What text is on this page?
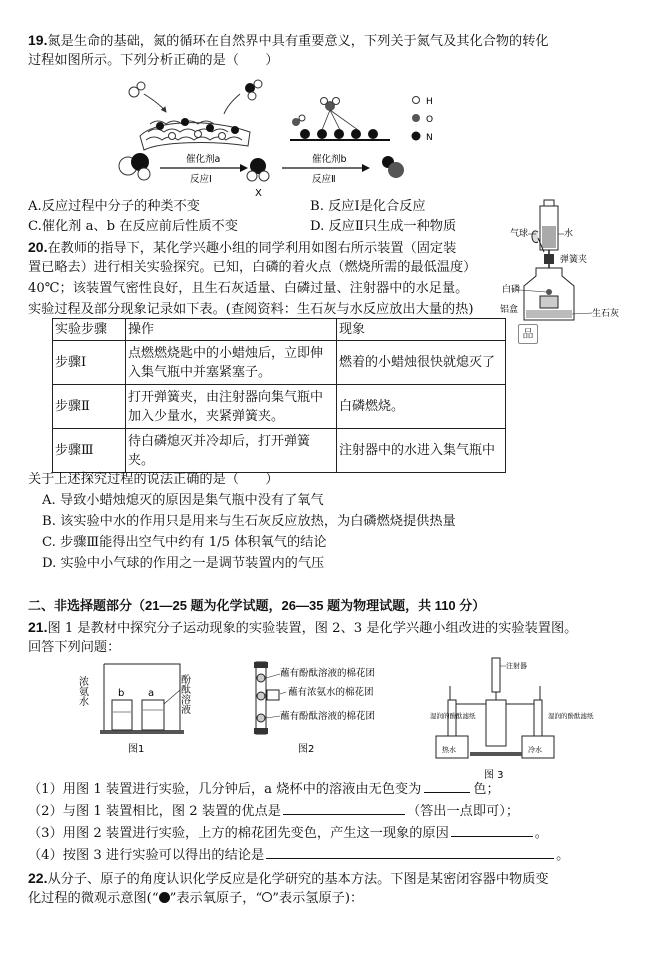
19.氮是生命的基础，氮的循环在自然界中具有重要意义，下列关于氮气及其化合物的转化
过程如图所示。下列分析正确的是（　　）
H
O
N
催化剂a
反应Ⅰ
X
催化剂b
反应Ⅱ
A.反应过程中分子的种类不变	B. 反应Ⅰ是化合反应
C.催化剂 a、b 在反应前后性质不变	D. 反应Ⅱ只生成一种物质
20.在教师的指导下，某化学兴趣小组的同学利用如图右所示装置（固定装
置已略去）进行相关实验探究。已知，白磷的着火点（燃烧所需的最低温度）
40℃；该装置气密性良好，且生石灰适量、白磷过量、注射器中的水足量。
实验过程及部分现象记录如下表。(查阅资料：生石灰与水反应放出大量的热)
气球	水
弹簧夹
白磷
铝盒	生石灰
品
实验步骤	操作	现象
步骤Ⅰ	点燃燃烧匙中的小蜡烛后，立即伸入集气瓶中并塞紧塞子。	燃着的小蜡烛很快就熄灭了
步骤Ⅱ	打开弹簧夹，由注射器向集气瓶中加入少量水，夹紧弹簧夹。	白磷燃烧。
步骤Ⅲ	待白磷熄灭并冷却后，打开弹簧夹。	注射器中的水进入集气瓶中
关于上述探究过程的说法正确的是（　　）
A. 导致小蜡烛熄灭的原因是集气瓶中没有了氧气
B. 该实验中水的作用只是用来与生石灰反应放热，为白磷燃烧提供热量
C. 步骤Ⅲ能得出空气中约有 1/5 体积氧气的结论
D. 实验中小气球的作用之一是调节装置内的气压
二、非选择题部分（21—25 题为化学试题，26—35 题为物理试题，共 110 分）
21.图 1 是教材中探究分子运动现象的实验装置，图 2、3 是化学兴趣小组改进的实验装置图。
回答下列问题：
浓氨水	b a 酚酞溶液
图1
蘸有酚酞溶液的棉花团
蘸有浓氨水的棉花团
蘸有酚酞溶液的棉花团
图2
注射器
湿润的酚酞滤纸	湿润的酚酞滤纸
热水	冷水
图 3
（1）用图 1 装置进行实验，几分钟后，a 烧杯中的溶液由无色变为	色；
（2）与图 1 装置相比，图 2 装置的优点是	（答出一点即可）；
（3）用图 2 装置进行实验，上方的棉花团先变色，产生这一现象的原因	。
（4）按图 3 进行实验可以得出的结论是	。
22.从分子、原子的角度认识化学反应是化学研究的基本方法。下图是某密闭容器中物质变
化过程的微观示意图(“ ”表示氧原子，“ ”表示氢原子)：
